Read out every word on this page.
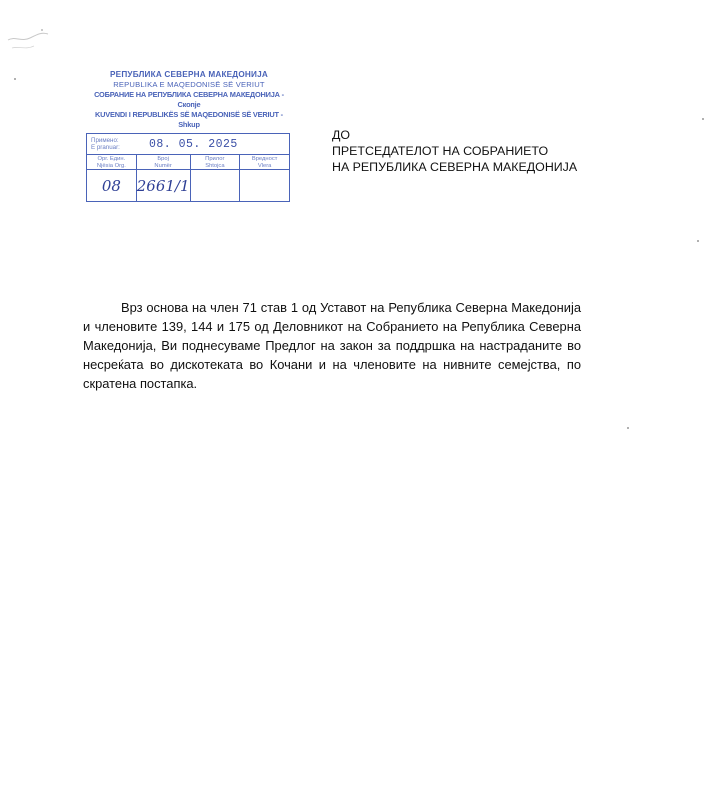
РЕПУБЛИКА СЕВЕРНА МАКЕДОНИЈА
REPUBLIKA E MAQEDONISË SË VERIUT
СОБРАНИЕ НА РЕПУБЛИКА СЕВЕРНА МАКЕДОНИЈА - Скопје
KUVENDI I REPUBLIKËS SË MAQEDONISË SË VERIUT - Shkup
Примено:
E pranuar:	08. 05. 2025
Орг. Един.
Njësia Org.
08
Број
Numër
2661/1
Прилог
Shtojca
Вредност
Vlera
ДО
ПРЕТСЕДАТЕЛОТ НА СОБРАНИЕТО
НА РЕПУБЛИКА СЕВЕРНА МАКЕДОНИЈА

Врз основа на член 71 став 1 од Уставот на Република Северна Македонија и членовите 139, 144 и 175 од Деловникот на Собранието на Република Северна Македонија, Ви поднесуваме Предлог на закон за поддршка на настраданите во несреќата во дискотеката во Кочани и на членовите на нивните семејства, по скратена постапка.
